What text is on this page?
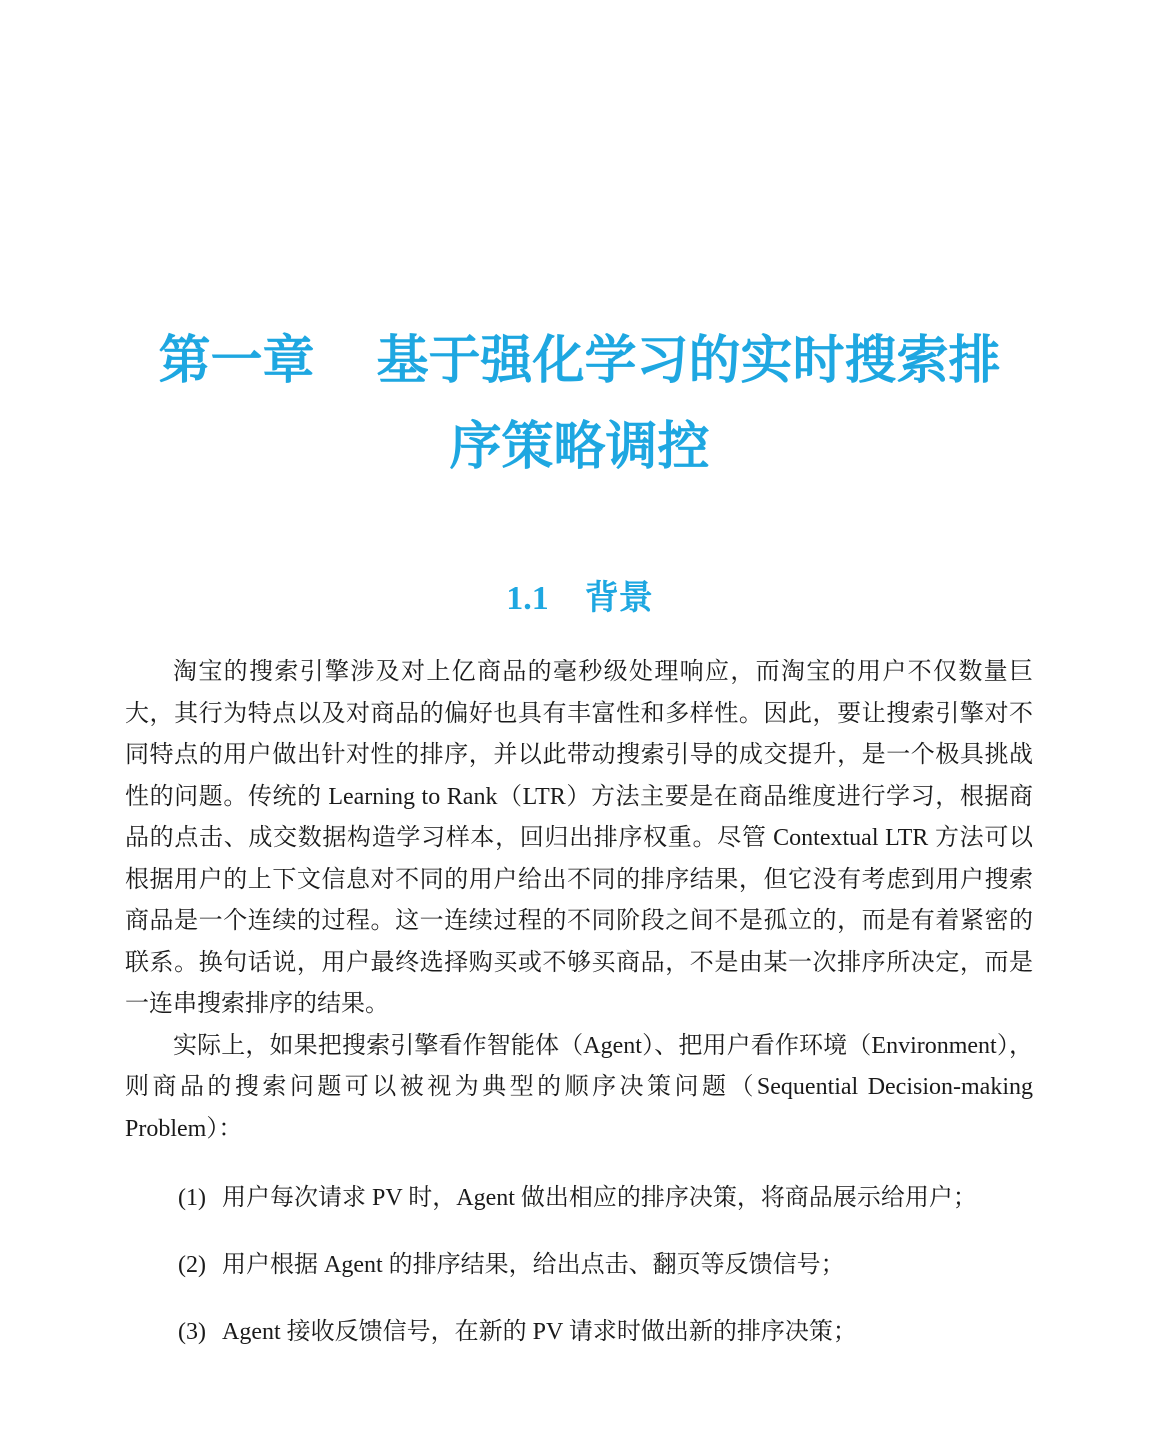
第一章 基于强化学习的实时搜索排
序策略调控
1.1 背景

淘宝的搜索引擎涉及对上亿商品的毫秒级处理响应，而淘宝的用户不仅数量巨大，其行为特点以及对商品的偏好也具有丰富性和多样性。因此，要让搜索引擎对不同特点的用户做出针对性的排序，并以此带动搜索引导的成交提升，是一个极具挑战性的问题。传统的 Learning to Rank（LTR）方法主要是在商品维度进行学习，根据商品的点击、成交数据构造学习样本，回归出排序权重。尽管 Contextual LTR 方法可以根据用户的上下文信息对不同的用户给出不同的排序结果，但它没有考虑到用户搜索商品是一个连续的过程。这一连续过程的不同阶段之间不是孤立的，而是有着紧密的联系。换句话说，用户最终选择购买或不够买商品，不是由某一次排序所决定，而是一连串搜索排序的结果。

实际上，如果把搜索引擎看作智能体（Agent）、把用户看作环境（Environment），则商品的搜索问题可以被视为典型的顺序决策问题（Sequential Decision-making Problem）：

(1) 用户每次请求 PV 时，Agent 做出相应的排序决策，将商品展示给用户；
(2) 用户根据 Agent 的排序结果，给出点击、翻页等反馈信号；
(3) Agent 接收反馈信号，在新的 PV 请求时做出新的排序决策；
